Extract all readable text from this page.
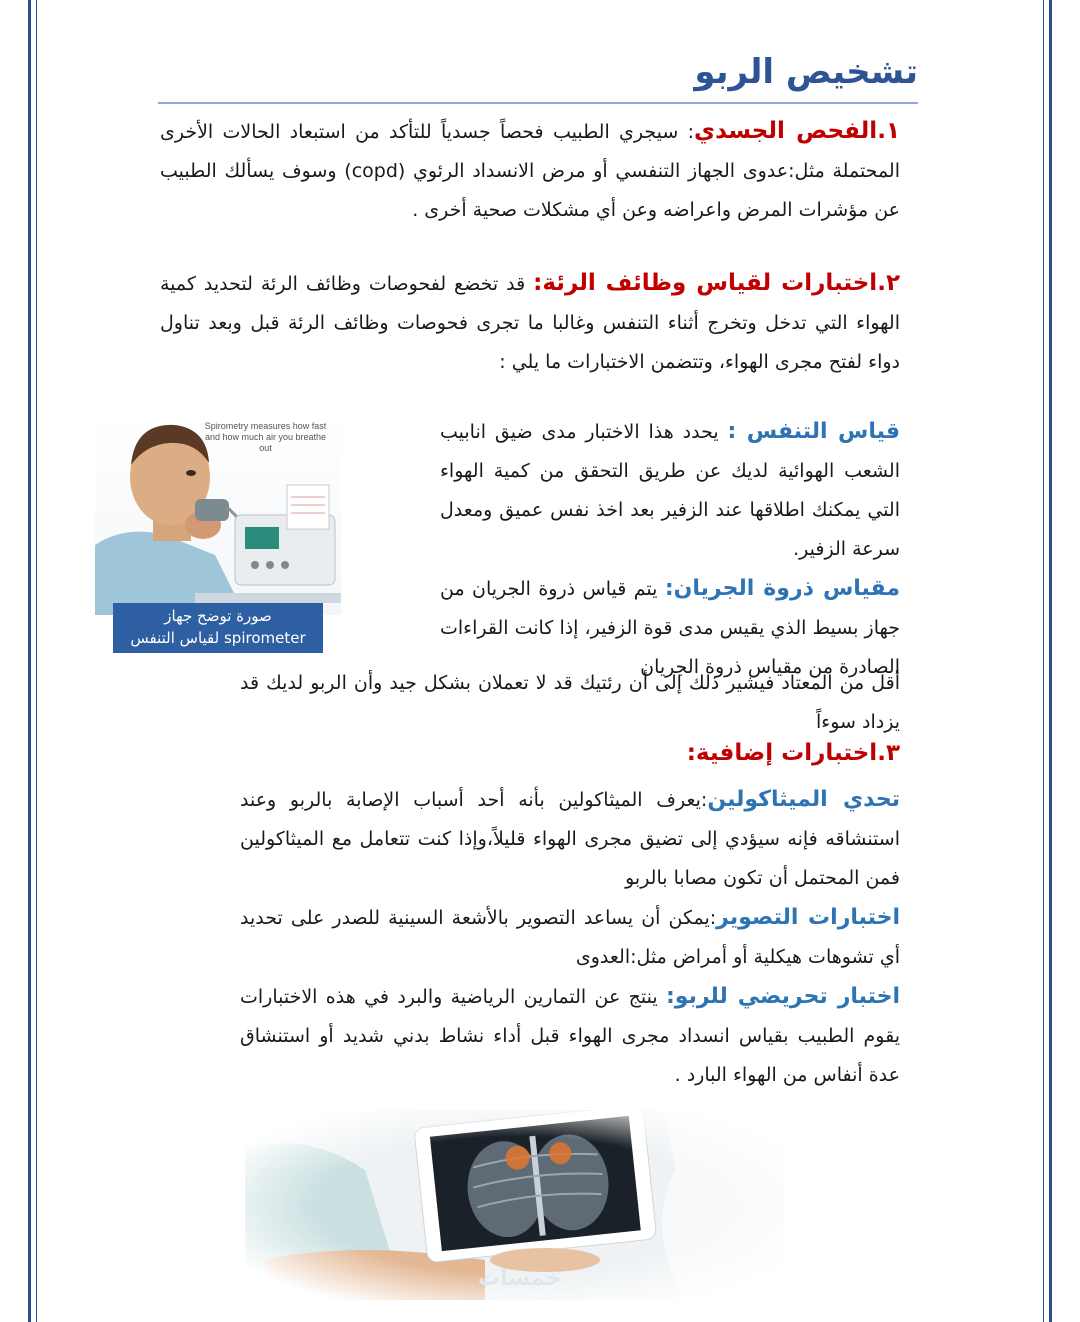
تشخيص الربو

١.الفحص الجسدي: سيجري الطبيب فحصاً جسدياً للتأكد من استبعاد الحالات الأخرى المحتملة مثل:عدوى الجهاز التنفسي أو مرض الانسداد الرئوي (copd) وسوف يسألك الطبيب عن مؤشرات المرض واعراضه وعن أي مشكلات صحية أخرى .

٢.اختبارات لقياس وظائف الرئة: قد تخضع لفحوصات وظائف الرئة لتحديد كمية الهواء التي تدخل وتخرج أثناء التنفس وغالبا ما تجرى فحوصات وظائف الرئة قبل وبعد تناول دواء لفتح مجرى الهواء، وتتضمن الاختبارات ما يلي :

قياس التنفس : يحدد هذا الاختبار مدى ضيق انابيب الشعب الهوائية لديك عن طريق التحقق من كمية الهواء التي يمكنك اطلاقها عند الزفير بعد اخذ نفس عميق ومعدل سرعة الزفير.

مقياس ذروة الجريان: يتم قياس ذروة الجريان من جهاز بسيط الذي يقيس مدى قوة الزفير، إذا كانت القراءات الصادرة من مقياس ذروة الجريان

أقل من المعتاد فيشير ذلك إلى أن رئتيك قد لا تعملان بشكل جيد وأن الربو لديك قد يزداد سوءاً

Spirometry measures how fast and how much air you breathe out
صورة توضح جهاز
spirometer لقياس التنفس

٣.اختبارات إضافية:

تحدي الميثاكولين:يعرف الميثاكولين بأنه أحد أسباب الإصابة بالربو وعند استنشاقه فإنه سيؤدي إلى تضيق مجرى الهواء قليلاً،وإذا كنت تتعامل مع الميثاكولين فمن المحتمل أن تكون مصابا بالربو

اختبارات التصوير:يمكن أن يساعد التصوير بالأشعة السينية للصدر على تحديد أي تشوهات هيكلية أو أمراض مثل:العدوى

اختبار تحريضي للربو: ينتج عن التمارين الرياضية والبرد في هذه الاختبارات يقوم الطبيب بقياس انسداد مجرى الهواء قبل أداء نشاط بدني شديد أو استنشاق عدة أنفاس من الهواء البارد .

خمسات
